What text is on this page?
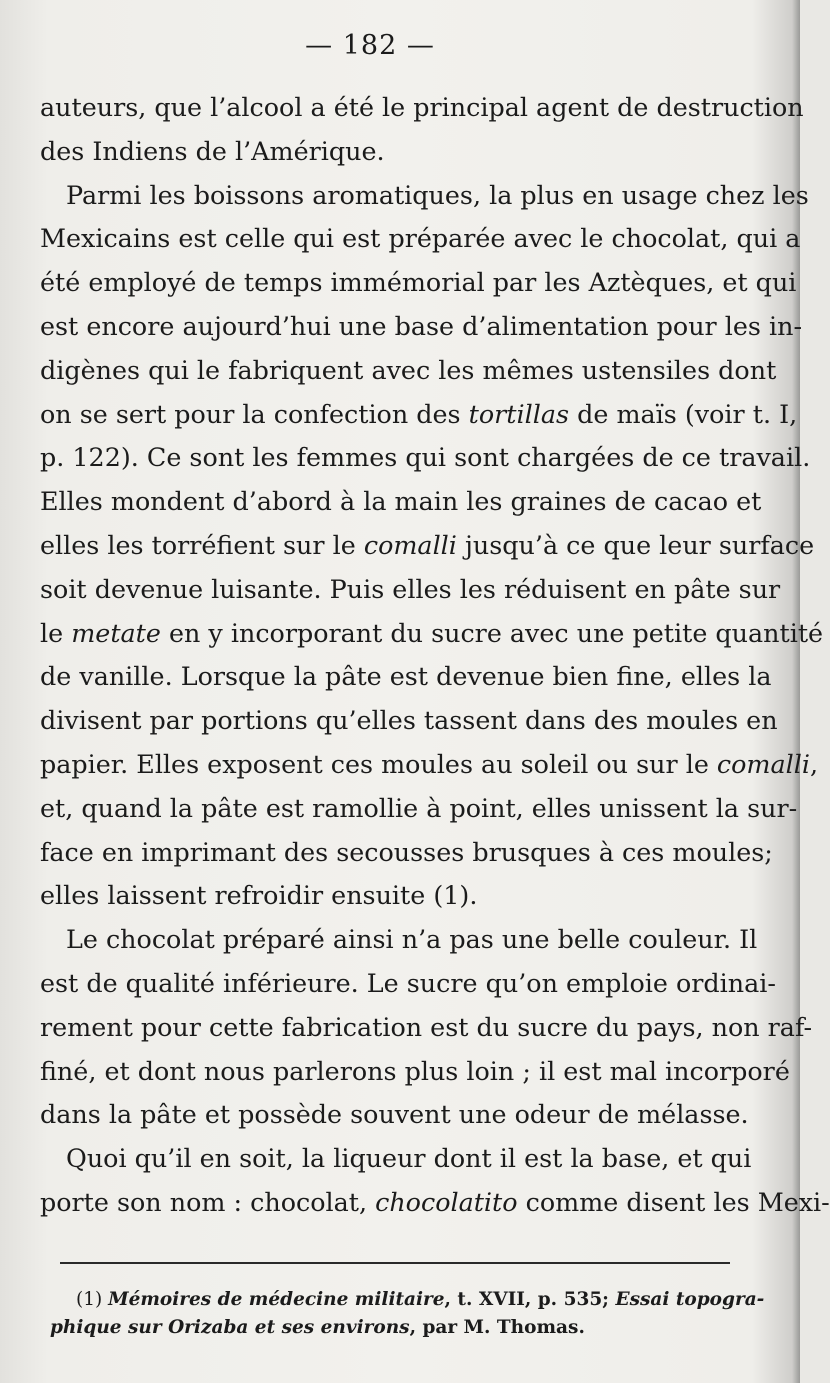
— 182 —
auteurs, que l’alcool a été le principal agent de destruction
des Indiens de l’Amérique.
Parmi les boissons aromatiques, la plus en usage chez les
Mexicains est celle qui est préparée avec le chocolat, qui a
été employé de temps immémorial par les Aztèques, et qui
est encore aujourd’hui une base d’alimentation pour les in-
digènes qui le fabriquent avec les mêmes ustensiles dont
on se sert pour la confection des tortillas de maïs (voir t. I,
p. 122). Ce sont les femmes qui sont chargées de ce travail.
Elles mondent d’abord à la main les graines de cacao et
elles les torréfient sur le comalli jusqu’à ce que leur surface
soit devenue luisante. Puis elles les réduisent en pâte sur
le metate en y incorporant du sucre avec une petite quantité
de vanille. Lorsque la pâte est devenue bien fine, elles la
divisent par portions qu’elles tassent dans des moules en
papier. Elles exposent ces moules au soleil ou sur le comalli,
et, quand la pâte est ramollie à point, elles unissent la sur-
face en imprimant des secousses brusques à ces moules;
elles laissent refroidir ensuite (1).
Le chocolat préparé ainsi n’a pas une belle couleur. Il
est de qualité inférieure. Le sucre qu’on emploie ordinai-
rement pour cette fabrication est du sucre du pays, non raf-
finé, et dont nous parlerons plus loin ; il est mal incorporé
dans la pâte et possède souvent une odeur de mélasse.
Quoi qu’il en soit, la liqueur dont il est la base, et qui
porte son nom : chocolat, chocolatito comme disent les Mexi-
(1) Mémoires de médecine militaire, t. XVII, p. 535; Essai topogra-
phique sur Orizaba et ses environs, par M. Thomas.
